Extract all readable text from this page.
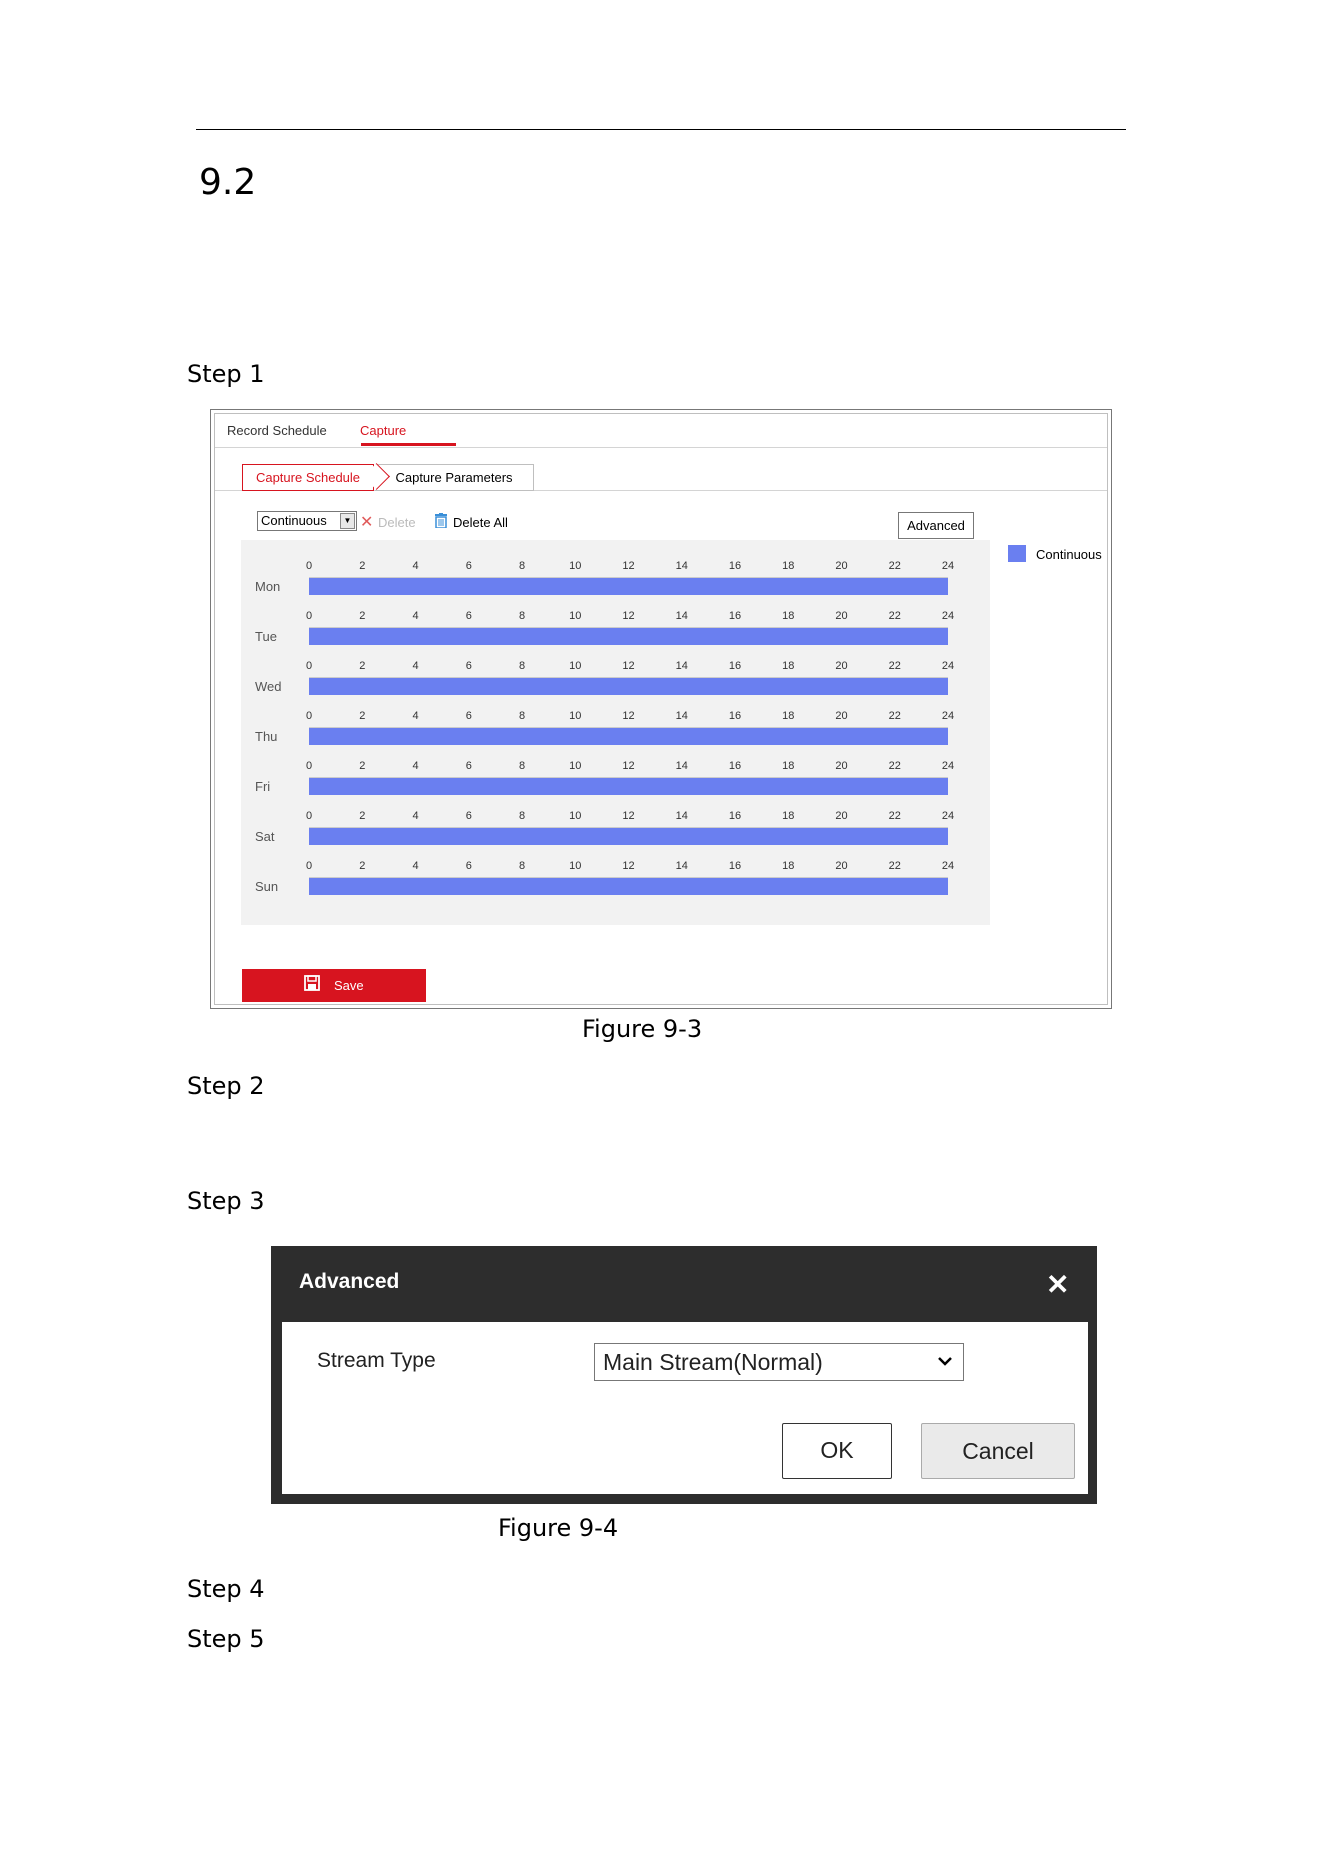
9.2
Step 1
Record Schedule	Capture
Capture Parameters
Capture Schedule
Continuous	▼ ✕ Delete	Delete All	Advanced
Continuous
Mon
0	2	4	6	8	10	12	14	16	18	20	22	24
Tue
0	2	4	6	8	10	12	14	16	18	20	22	24
Wed
0	2	4	6	8	10	12	14	16	18	20	22	24
Thu
0	2	4	6	8	10	12	14	16	18	20	22	24
Fri
0	2	4	6	8	10	12	14	16	18	20	22	24
Sat
0	2	4	6	8	10	12	14	16	18	20	22	24
Sun
0	2	4	6	8	10	12	14	16	18	20	22	24
Save
Figure 9-3
Step 2
Step 3
Advanced	✕
Stream Type	Main Stream(Normal)
OK	Cancel
Figure 9-4
Step 4
Step 5
